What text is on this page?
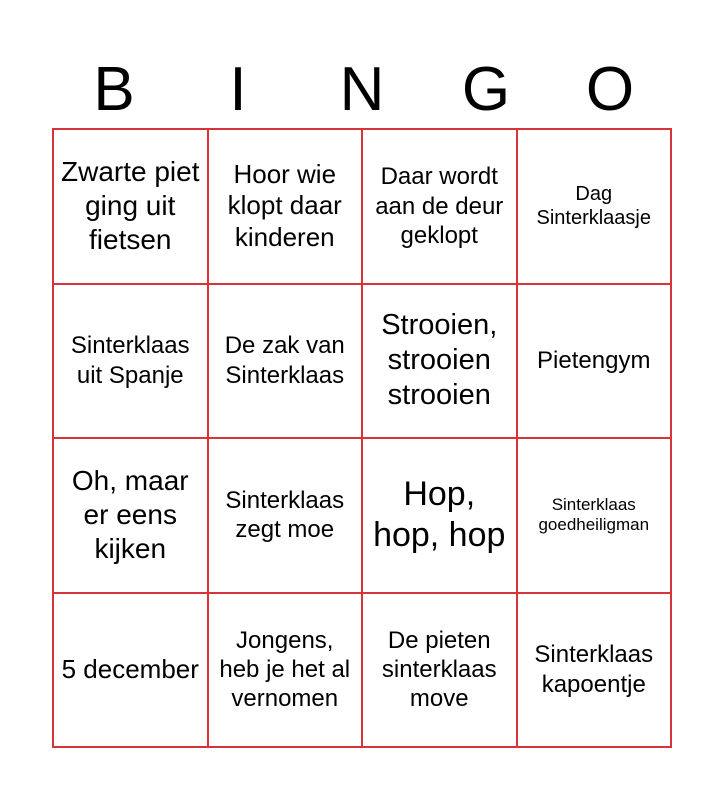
B	I	N	G	O
Zwarte piet ging uit fietsen
Hoor wie klopt daar kinderen
Daar wordt aan de deur geklopt
Dag Sinterklaasje
Sinterklaas uit Spanje
De zak van Sinterklaas
Strooien, strooien strooien
Pietengym
Oh, maar er eens kijken
Sinterklaas zegt moe
Hop, hop, hop
Sinterklaas goedheiligman
5 december
Jongens, heb je het al vernomen
De pieten sinterklaas move
Sinterklaas kapoentje
